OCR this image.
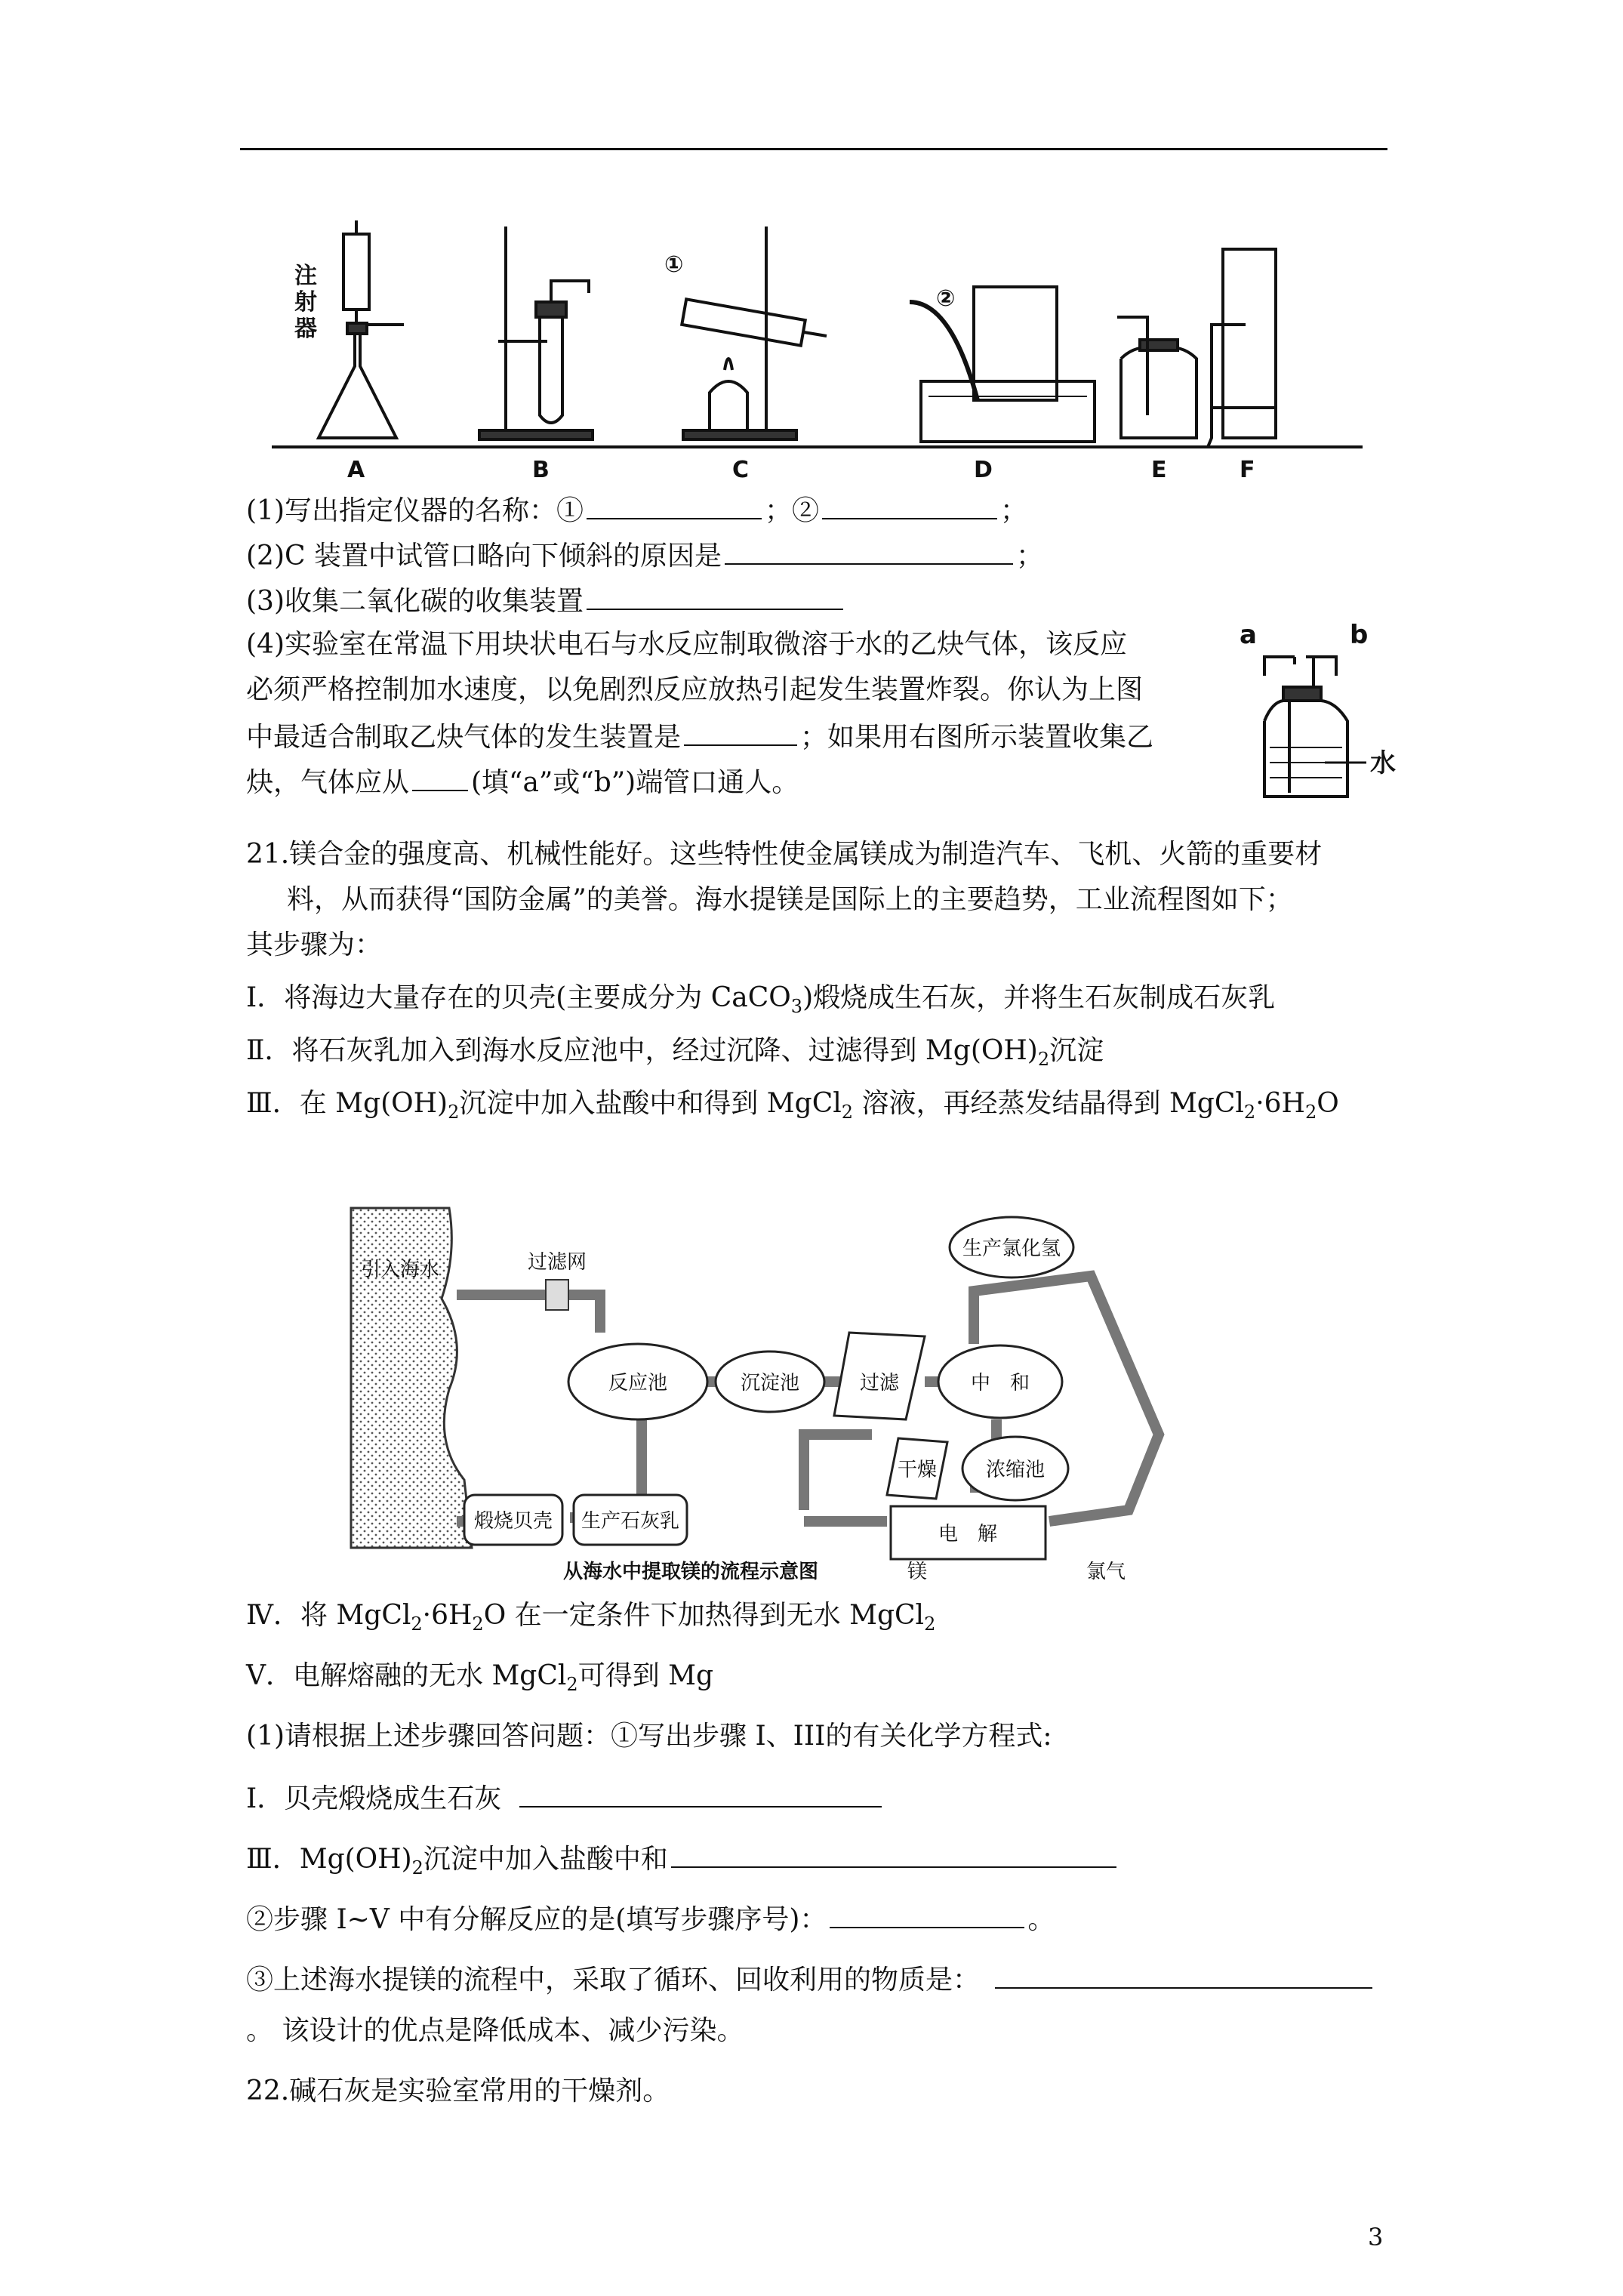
注
射
器
①
②
A	B	C	D	E	F
(1)写出指定仪器的名称：①	；②	；
(2)C 装置中试管口略向下倾斜的原因是	；
(3)收集二氧化碳的收集装置
(4)实验室在常温下用块状电石与水反应制取微溶于水的乙炔气体，该反应
必须严格控制加水速度，以免剧烈反应放热引起发生装置炸裂。你认为上图
中最适合制取乙炔气体的发生装置是	；如果用右图所示装置收集乙
炔，气体应从 (填“a”或“b”)端管口通人。
a	b
水
21.镁合金的强度高、机械性能好。这些特性使金属镁成为制造汽车、飞机、火箭的重要材
料，从而获得“国防金属”的美誉。海水提镁是国际上的主要趋势，工业流程图如下；
其步骤为：
I．将海边大量存在的贝壳(主要成分为 CaCO$_3$)煅烧成生石灰，并将生石灰制成石灰乳
Ⅱ．将石灰乳加入到海水反应池中，经过沉降、过滤得到 $Mg(OH)_2$沉淀
Ⅲ．在 $Mg(OH)_2$沉淀中加入盐酸中和得到 MgCl$_2$ 溶液，再经蒸发结晶得到 $MgCl_2\cdot 6H_2O$
引入海水	过滤网
反应池	沉淀池	过滤	中　和
生产氯化氢
干燥 浓缩池
煅烧贝壳 生产石灰乳
电　解
镁	氯气
从海水中提取镁的流程示意图
Ⅳ．将 $MgCl_2\cdot 6H_2O$ 在一定条件下加热得到无水 MgCl$_2$
V．电解熔融的无水 MgCl$_2$可得到 Mg
(1)请根据上述步骤回答问题：①写出步骤 I、III的有关化学方程式:
I．贝壳煅烧成生石灰
Ⅲ．$Mg(OH)_2$沉淀中加入盐酸中和
②步骤 I~V 中有分解反应的是(填写步骤序号)：	。
③上述海水提镁的流程中，采取了循环、回收利用的物质是：
。 该设计的优点是降低成本、减少污染。
22.碱石灰是实验室常用的干燥剂。
3
